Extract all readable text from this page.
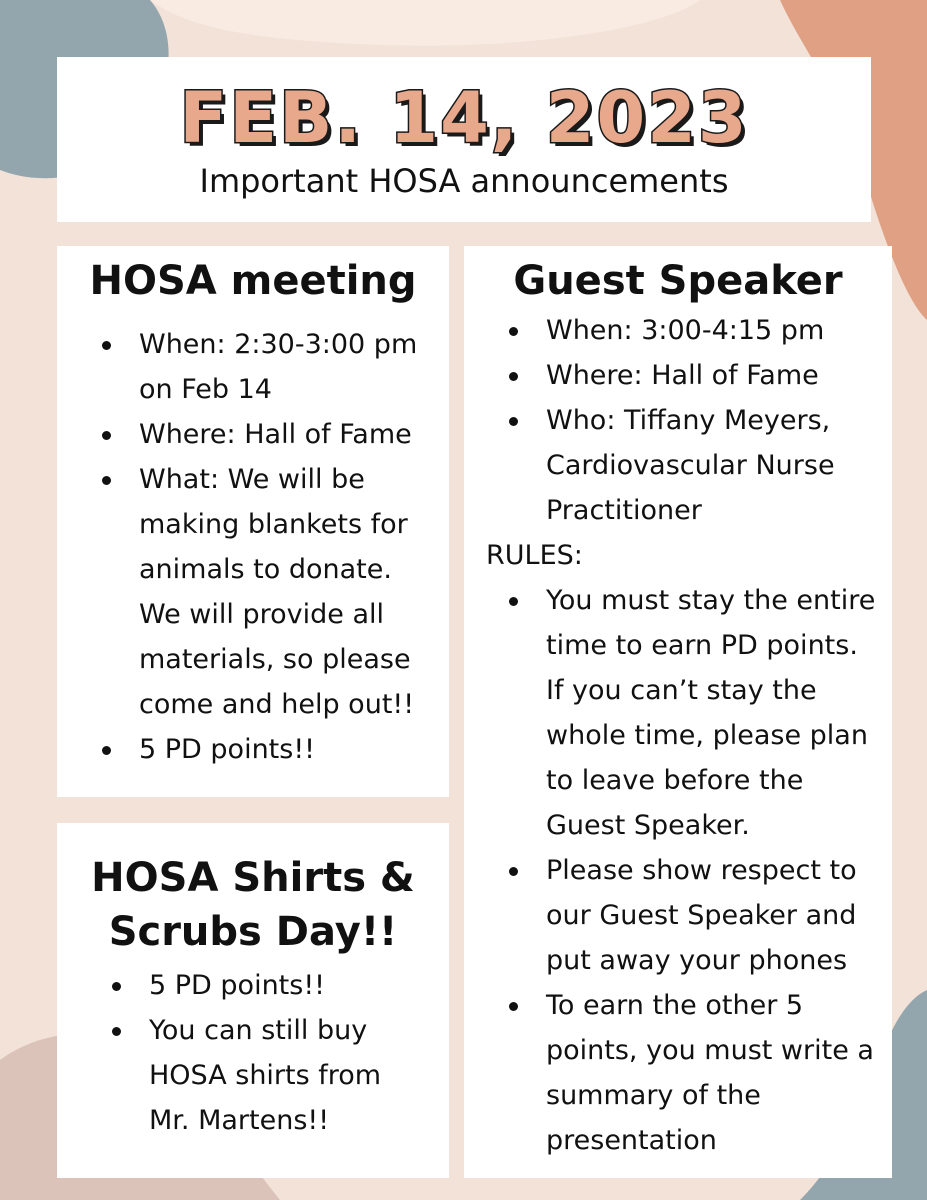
FEB. 14, 2023
Important HOSA announcements
HOSA meeting
When: 2:30-3:00 pm on Feb 14
Where: Hall of Fame
What: We will be making blankets for animals to donate. We will provide all materials, so please come and help out!!
5 PD points!!
HOSA Shirts & Scrubs Day!!
5 PD points!!
You can still buy HOSA shirts from Mr. Martens!!
Guest Speaker
When: 3:00-4:15 pm
Where: Hall of Fame
Who: Tiffany Meyers, Cardiovascular Nurse Practitioner
RULES:
You must stay the entire time to earn PD points. If you can’t stay the whole time, please plan to leave before the Guest Speaker.
Please show respect to our Guest Speaker and put away your phones
To earn the other 5 points, you must write a summary of the presentation
